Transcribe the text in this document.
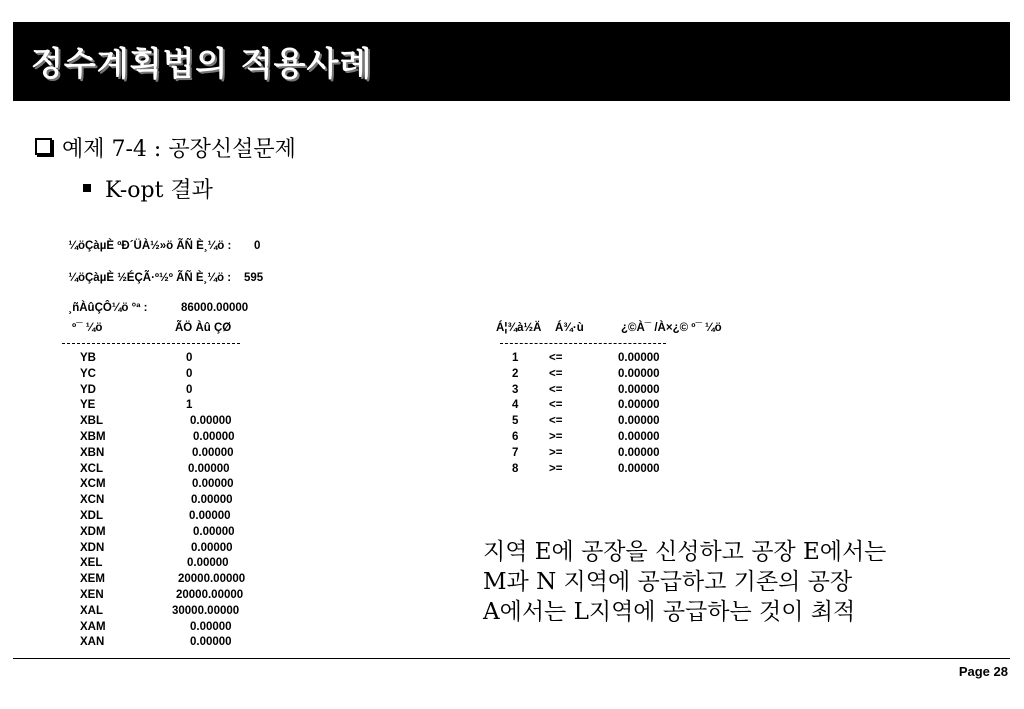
정수계획법의 적용사례
예제 7-4 : 공장신설문제
K-opt 결과

¼öÇàµÈ ºÐ´ÜÀ½»ö ÃÑ È¸¼ö : 0

¼öÇàµÈ ½ÉÇÃ·º½º ÃÑ È¸¼ö : 595

¸ñÀûÇÔ¼ö °ª :	86000.00000

º¯ ¼ö	ÃÖ Àû ÇØ
YB	0
YC	0
YD	0
YE	1
XBL	0.00000
XBM	0.00000
XBN	0.00000
XCL	0.00000
XCM	0.00000
XCN	0.00000
XDL	0.00000
XDM	0.00000
XDN	0.00000
XEL	0.00000
XEM	20000.00000
XEN	20000.00000
XAL	30000.00000
XAM	0.00000
XAN	0.00000
Á¦¾à½Ä Á¾·ù	¿©À¯ /À×¿© º¯ ¼ö
1	<=	0.00000
2	<=	0.00000
3	<=	0.00000
4	<=	0.00000
5	<=	0.00000
6	>=	0.00000
7	>=	0.00000
8	>=	0.00000
지역 E에 공장을 신성하고 공장 E에서는
M과 N 지역에 공급하고 기존의 공장
A에서는 L지역에 공급하는 것이 최적
Page 28
